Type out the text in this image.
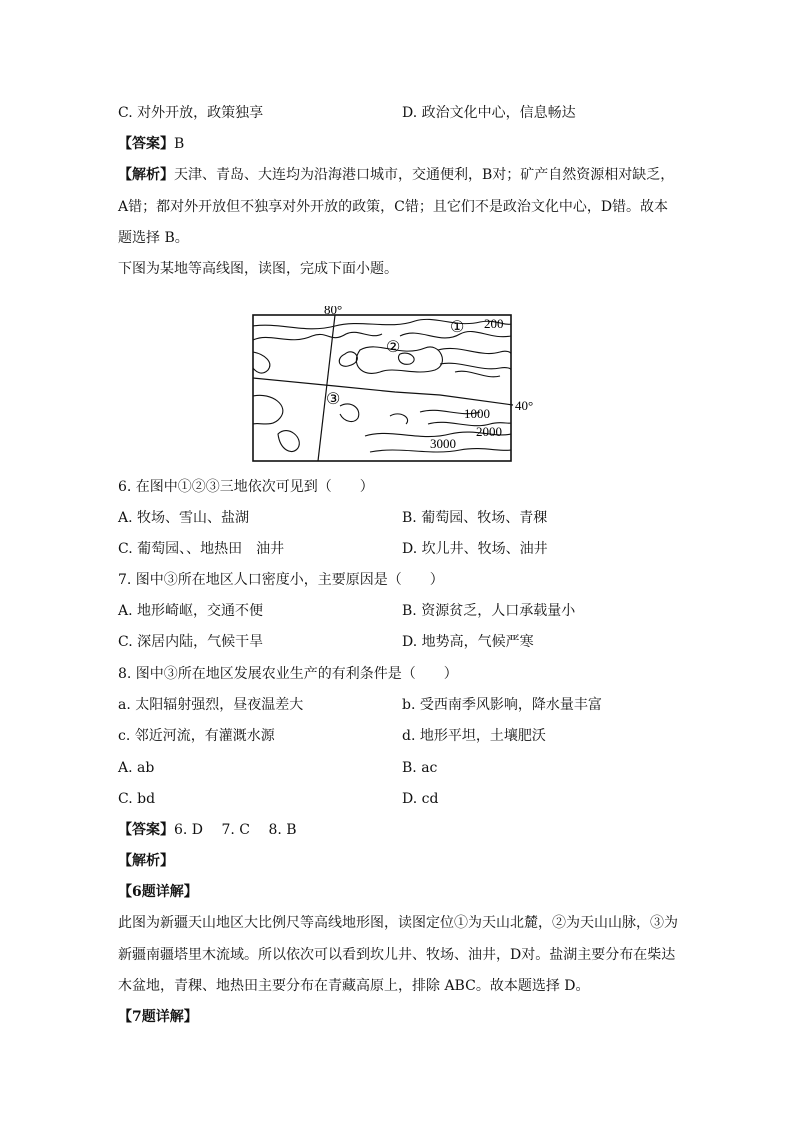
C. 对外开放，政策独享	D. 政治文化中心，信息畅达
【答案】B
【解析】天津、青岛、大连均为沿海港口城市，交通便利，B对；矿产自然资源相对缺乏，
A错；都对外开放但不独享对外开放的政策，C错；且它们不是政治文化中心，D错。故本
题选择 B。
下图为某地等高线图，读图，完成下面小题。
80°
40°
①
②
③
200
1000
2000
3000
6. 在图中①②③三地依次可见到（　　）
A. 牧场、雪山、盐湖	B. 葡萄园、牧场、青稞
C. 葡萄园、、地热田　油井	D. 坎儿井、牧场、油井
7. 图中③所在地区人口密度小，主要原因是（　　）
A. 地形崎岖，交通不便	B. 资源贫乏，人口承载量小
C. 深居内陆，气候干旱	D. 地势高，气候严寒
8. 图中③所在地区发展农业生产的有利条件是（　　）
a. 太阳辐射强烈，昼夜温差大	b. 受西南季风影响，降水量丰富
c. 邻近河流，有灌溉水源	d. 地形平坦，土壤肥沃
A. ab	B. ac
C. bd	D. cd
【答案】6. D　 7. C　 8. B
【解析】
【6题详解】
此图为新疆天山地区大比例尺等高线地形图，读图定位①为天山北麓，②为天山山脉，③为
新疆南疆塔里木流域。所以依次可以看到坎儿井、牧场、油井，D对。盐湖主要分布在柴达
木盆地，青稞、地热田主要分布在青藏高原上，排除 ABC。故本题选择 D。
【7题详解】
